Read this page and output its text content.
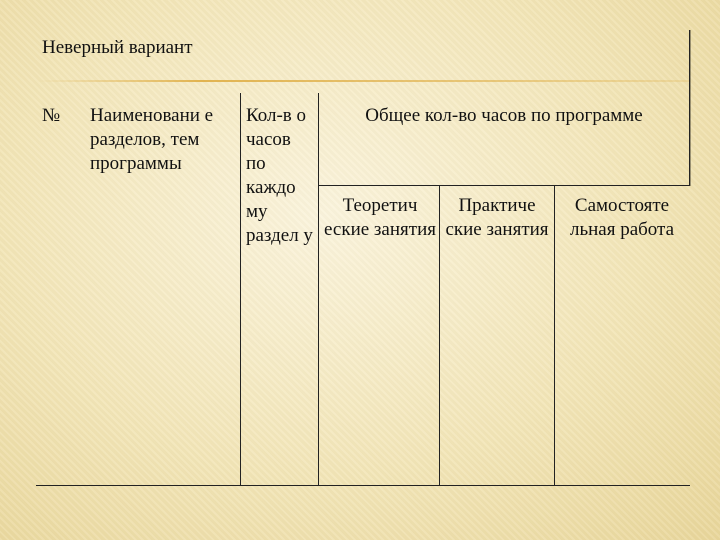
Неверный вариант
№	Наименовани е разделов, тем программы
Кол-в о часов по каждо му раздел у
Общее кол-во часов по программе
Теоретич еские занятия
Практиче ские занятия
Самостояте льная работа
